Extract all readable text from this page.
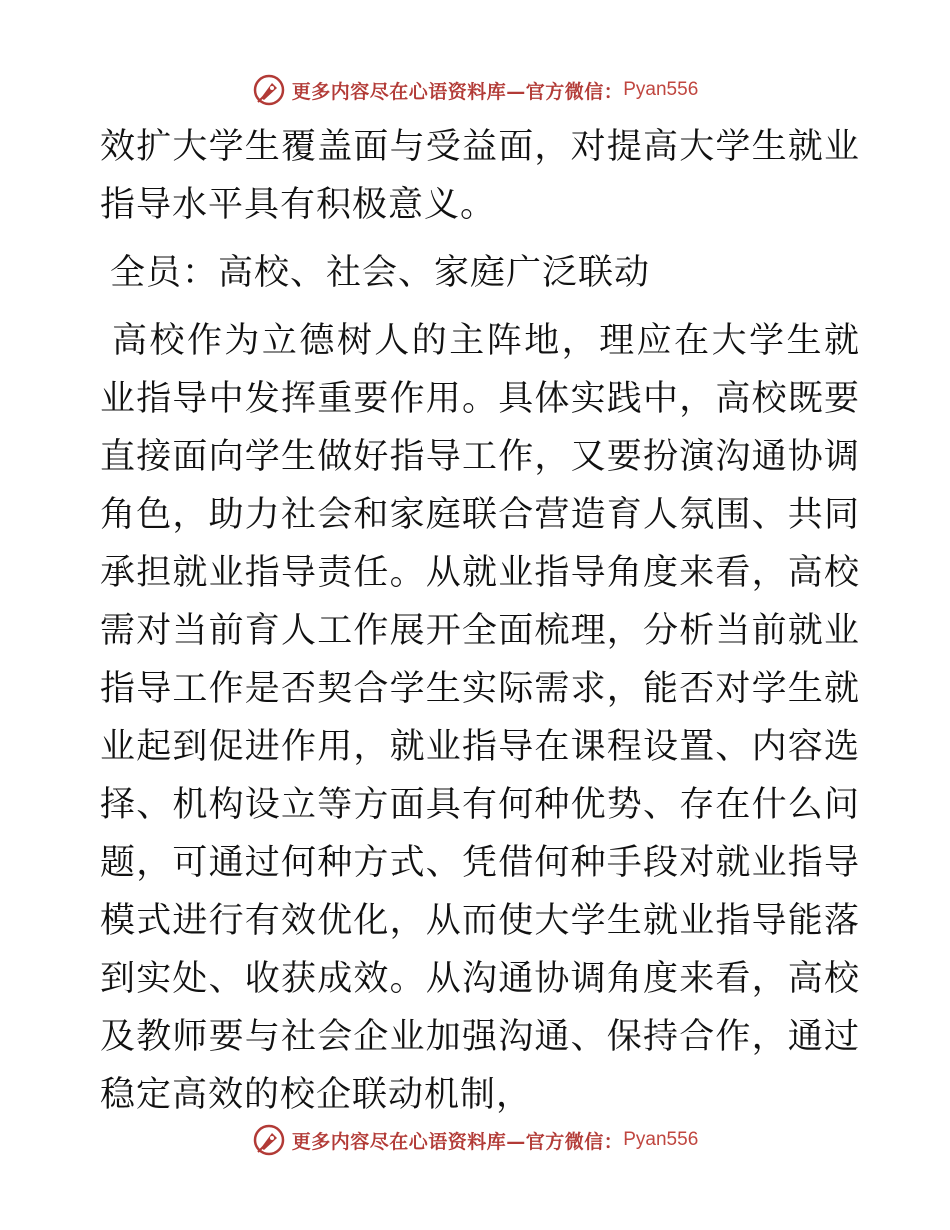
更多内容尽在心语资料库—官方微信： Pyan556

效扩大学生覆盖面与受益面，对提高大学生就业指导水平具有积极意义。

全员：高校、社会、家庭广泛联动

高校作为立德树人的主阵地，理应在大学生就业指导中发挥重要作用。具体实践中，高校既要直接面向学生做好指导工作，又要扮演沟通协调角色，助力社会和家庭联合营造育人氛围、共同承担就业指导责任。从就业指导角度来看，高校需对当前育人工作展开全面梳理，分析当前就业指导工作是否契合学生实际需求，能否对学生就业起到促进作用，就业指导在课程设置、内容选择、机构设立等方面具有何种优势、存在什么问题，可通过何种方式、凭借何种手段对就业指导模式进行有效优化，从而使大学生就业指导能落到实处、收获成效。从沟通协调角度来看，高校及教师要与社会企业加强沟通、保持合作，通过稳定高效的校企联动机制，

更多内容尽在心语资料库—官方微信： Pyan556
